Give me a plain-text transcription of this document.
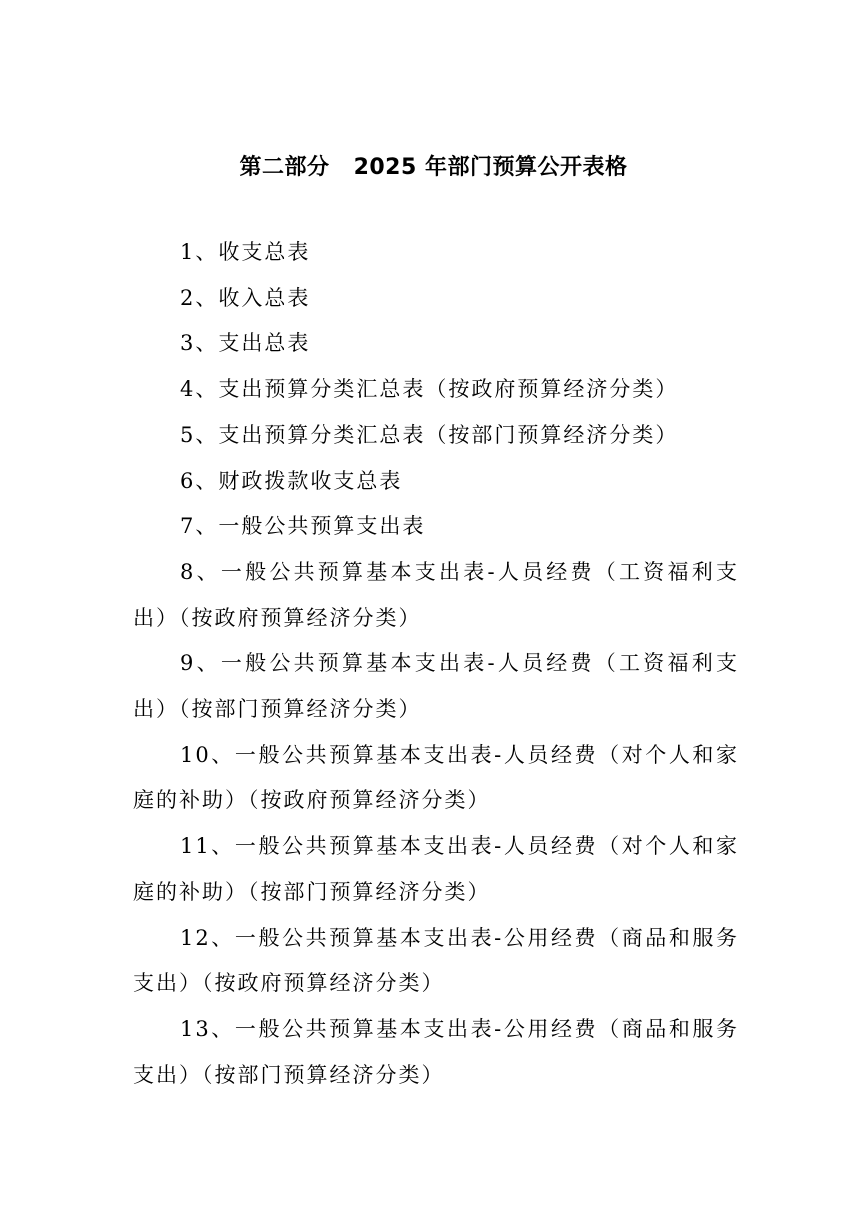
第二部分 2025 年部门预算公开表格
1、收支总表
2、收入总表
3、支出总表
4、支出预算分类汇总表（按政府预算经济分类）
5、支出预算分类汇总表（按部门预算经济分类）
6、财政拨款收支总表
7、一般公共预算支出表
8、一般公共预算基本支出表-人员经费（工资福利支出）（按政府预算经济分类）
9、一般公共预算基本支出表-人员经费（工资福利支出）（按部门预算经济分类）
10、一般公共预算基本支出表-人员经费（对个人和家庭的补助）（按政府预算经济分类）
11、一般公共预算基本支出表-人员经费（对个人和家庭的补助）（按部门预算经济分类）
12、一般公共预算基本支出表-公用经费（商品和服务支出）（按政府预算经济分类）
13、一般公共预算基本支出表-公用经费（商品和服务支出）（按部门预算经济分类）
